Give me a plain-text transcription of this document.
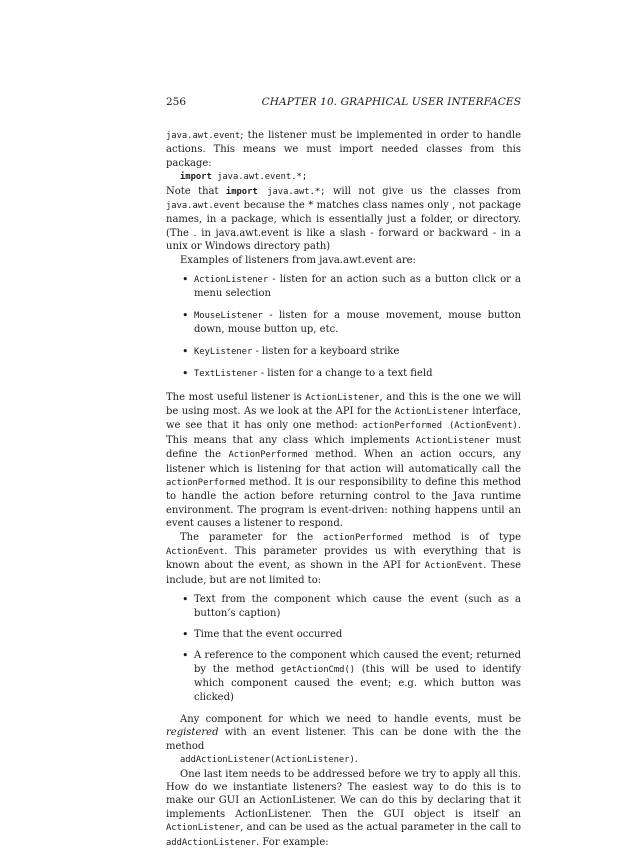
256	CHAPTER 10. GRAPHICAL USER INTERFACES

java.awt.event; the listener must be implemented in order to handle actions. This means we must import needed classes from this package:

import java.awt.event.*;

Note that import java.awt.*; will not give us the classes from java.awt.event because the * matches class names only , not package names, in a package, which is essentially just a folder, or directory. (The . in java.awt.event is like a slash - forward or backward - in a unix or Windows directory path)

Examples of listeners from java.awt.event are:

• ActionListener - listen for an action such as a button click or a menu selection
• MouseListener - listen for a mouse movement, mouse button down, mouse button up, etc.
• KeyListener - listen for a keyboard strike
• TextListener - listen for a change to a text field

The most useful listener is ActionListener, and this is the one we will be using most. As we look at the API for the ActionListener interface, we see that it has only one method: actionPerformed (ActionEvent). This means that any class which implements ActionListener must define the ActionPerformed method. When an action occurs, any listener which is listening for that action will automatically call the actionPerformed method. It is our responsibility to define this method to handle the action before returning control to the Java runtime environment. The program is event-driven: nothing happens until an event causes a listener to respond.

The parameter for the actionPerformed method is of type ActionEvent. This parameter provides us with everything that is known about the event, as shown in the API for ActionEvent. These include, but are not limited to:

• Text from the component which cause the event (such as a button’s caption)
• Time that the event occurred
• A reference to the component which caused the event; returned by the method getActionCmd() (this will be used to identify which component caused the event; e.g. which button was clicked)

Any component for which we need to handle events, must be registered with an event listener. This can be done with the the method

addActionListener(ActionListener).

One last item needs to be addressed before we try to apply all this. How do we instantiate listeners? The easiest way to do this is to make our GUI an ActionListener. We can do this by declaring that it implements ActionListener. Then the GUI object is itself an ActionListener, and can be used as the actual parameter in the call to addActionListener. For example:
